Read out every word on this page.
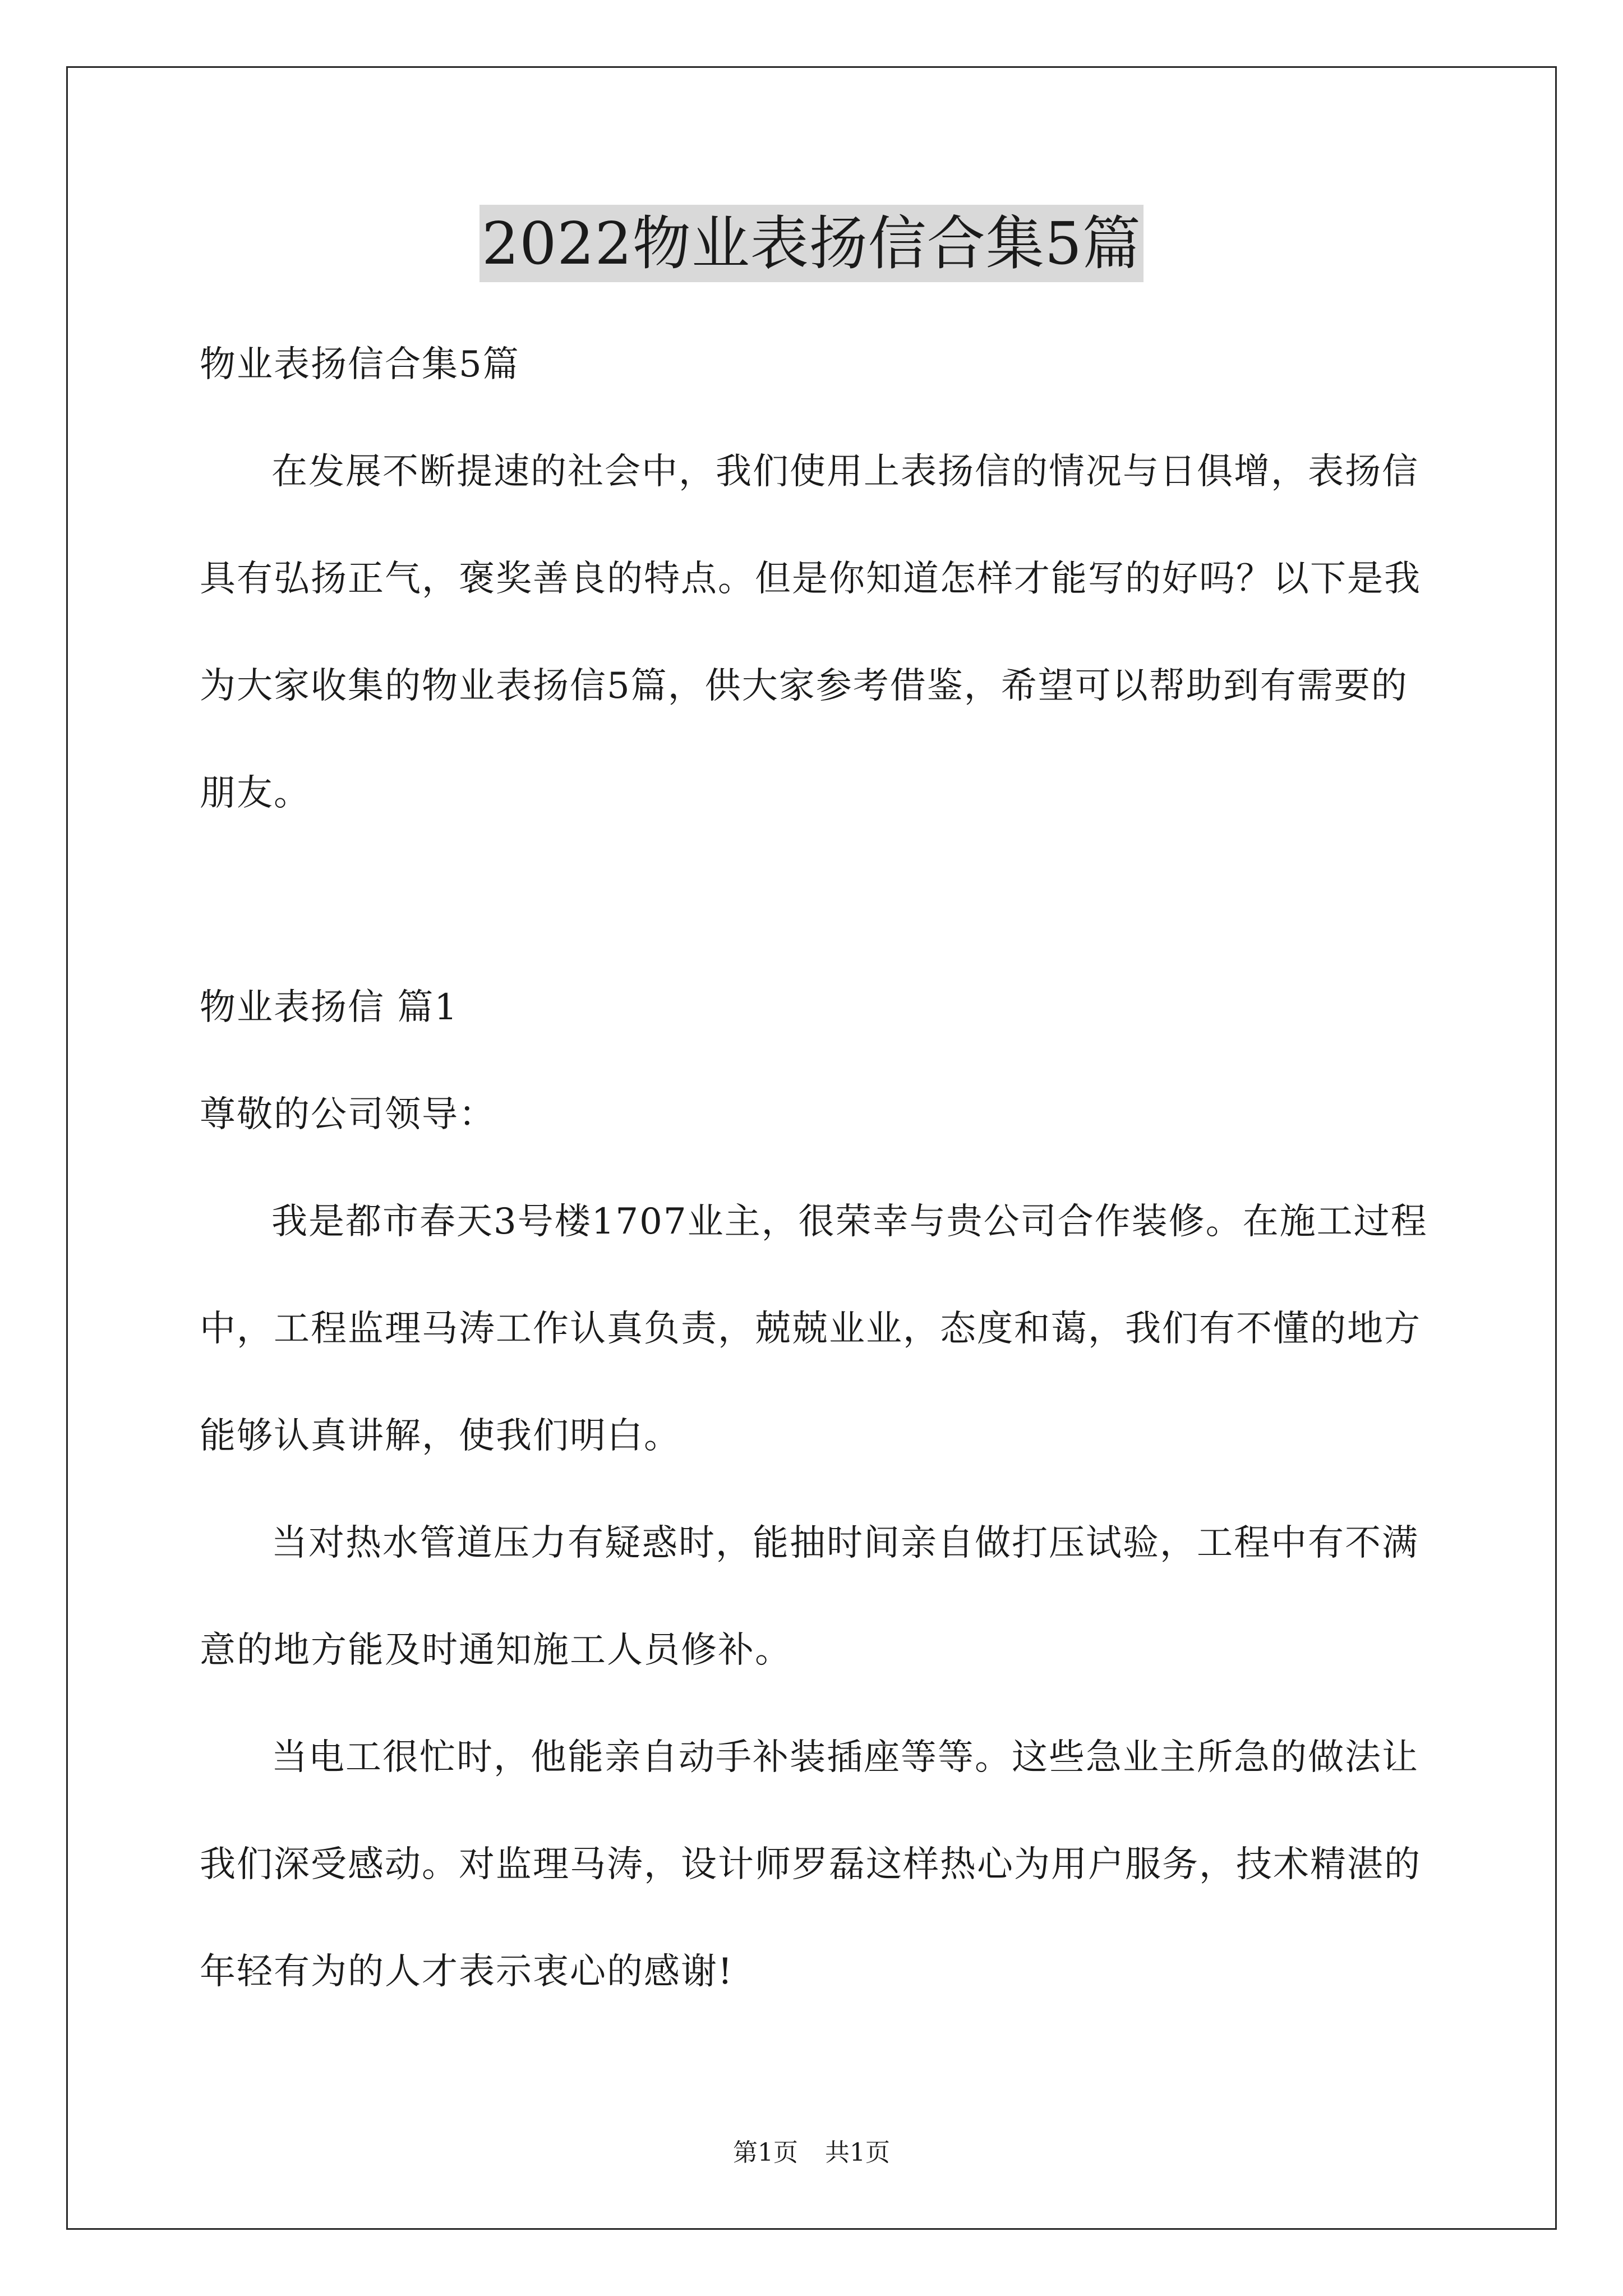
2022物业表扬信合集5篇

物业表扬信合集5篇

在发展不断提速的社会中，我们使用上表扬信的情况与日俱增，表扬信具有弘扬正气，褒奖善良的特点。但是你知道怎样才能写的好吗？以下是我为大家收集的物业表扬信5篇，供大家参考借鉴，希望可以帮助到有需要的朋友。

物业表扬信 篇1

尊敬的公司领导：

我是都市春天3号楼1707业主，很荣幸与贵公司合作装修。在施工过程中，工程监理马涛工作认真负责，兢兢业业，态度和蔼，我们有不懂的地方能够认真讲解，使我们明白。

当对热水管道压力有疑惑时，能抽时间亲自做打压试验，工程中有不满意的地方能及时通知施工人员修补。

当电工很忙时，他能亲自动手补装插座等等。这些急业主所急的做法让我们深受感动。对监理马涛，设计师罗磊这样热心为用户服务，技术精湛的年轻有为的人才表示衷心的感谢!

第1页 共1页
